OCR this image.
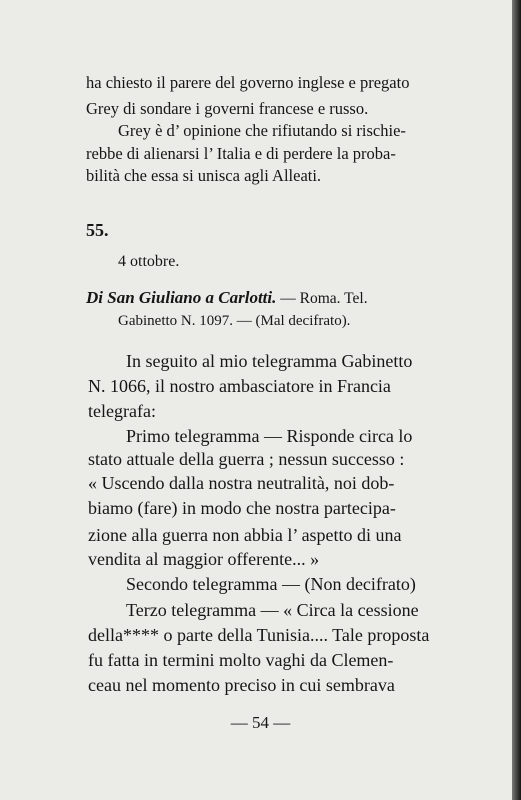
ha chiesto il parere del governo inglese e pregato

Grey di sondare i governi francese e russo.

Grey è d’ opinione che rifiutando si rischie-

rebbe di alienarsi l’ Italia e di perdere la proba-

bilità che essa si unisca agli Alleati.

55.

4 ottobre.

Di San Giuliano a Carlotti. — Roma. Tel.

Gabinetto N. 1097. — (Mal decifrato).

In seguito al mio telegramma Gabinetto

N. 1066, il nostro ambasciatore in Francia

telegrafa:

Primo telegramma — Risponde circa lo

stato attuale della guerra ; nessun successo :

« Uscendo dalla nostra neutralità, noi dob-

biamo (fare) in modo che nostra partecipa-

zione alla guerra non abbia l’ aspetto di una

vendita al maggior offerente... »

Secondo telegramma — (Non decifrato)

Terzo telegramma — « Circa la cessione

della**** o parte della Tunisia.... Tale proposta

fu fatta in termini molto vaghi da Clemen-

ceau nel momento preciso in cui sembrava

— 54 —
